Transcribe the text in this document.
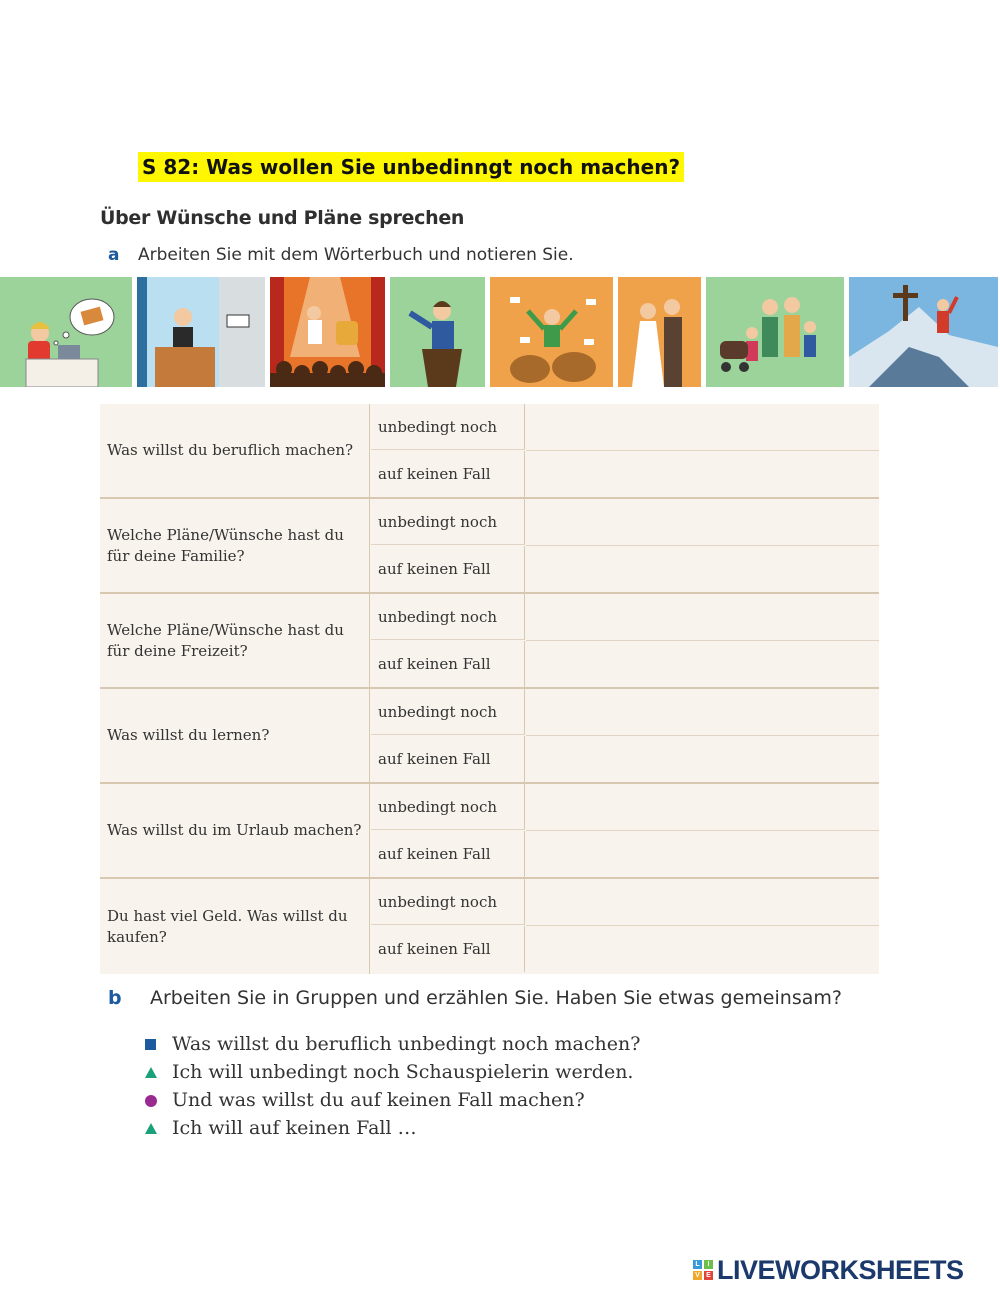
S 82: Was wollen Sie unbedinngt noch machen?
Über Wünsche und Pläne sprechen
a Arbeiten Sie mit dem Wörterbuch und notieren Sie.
Was willst du beruflich machen?
unbedingt noch
auf keinen Fall
Welche Pläne/Wünsche hast du für deine Familie?
unbedingt noch
auf keinen Fall
Welche Pläne/Wünsche hast du für deine Freizeit?
unbedingt noch
auf keinen Fall
Was willst du lernen?
unbedingt noch
auf keinen Fall
Was willst du im Urlaub machen?
unbedingt noch
auf keinen Fall
Du hast viel Geld. Was willst du kaufen?
unbedingt noch
auf keinen Fall
b Arbeiten Sie in Gruppen und erzählen Sie. Haben Sie etwas gemeinsam?
Was willst du beruflich unbedingt noch machen?
Ich will unbedingt noch Schauspielerin werden.
Und was willst du auf keinen Fall machen?
Ich will auf keinen Fall …
L	I
V E LIVEWORKSHEETS
